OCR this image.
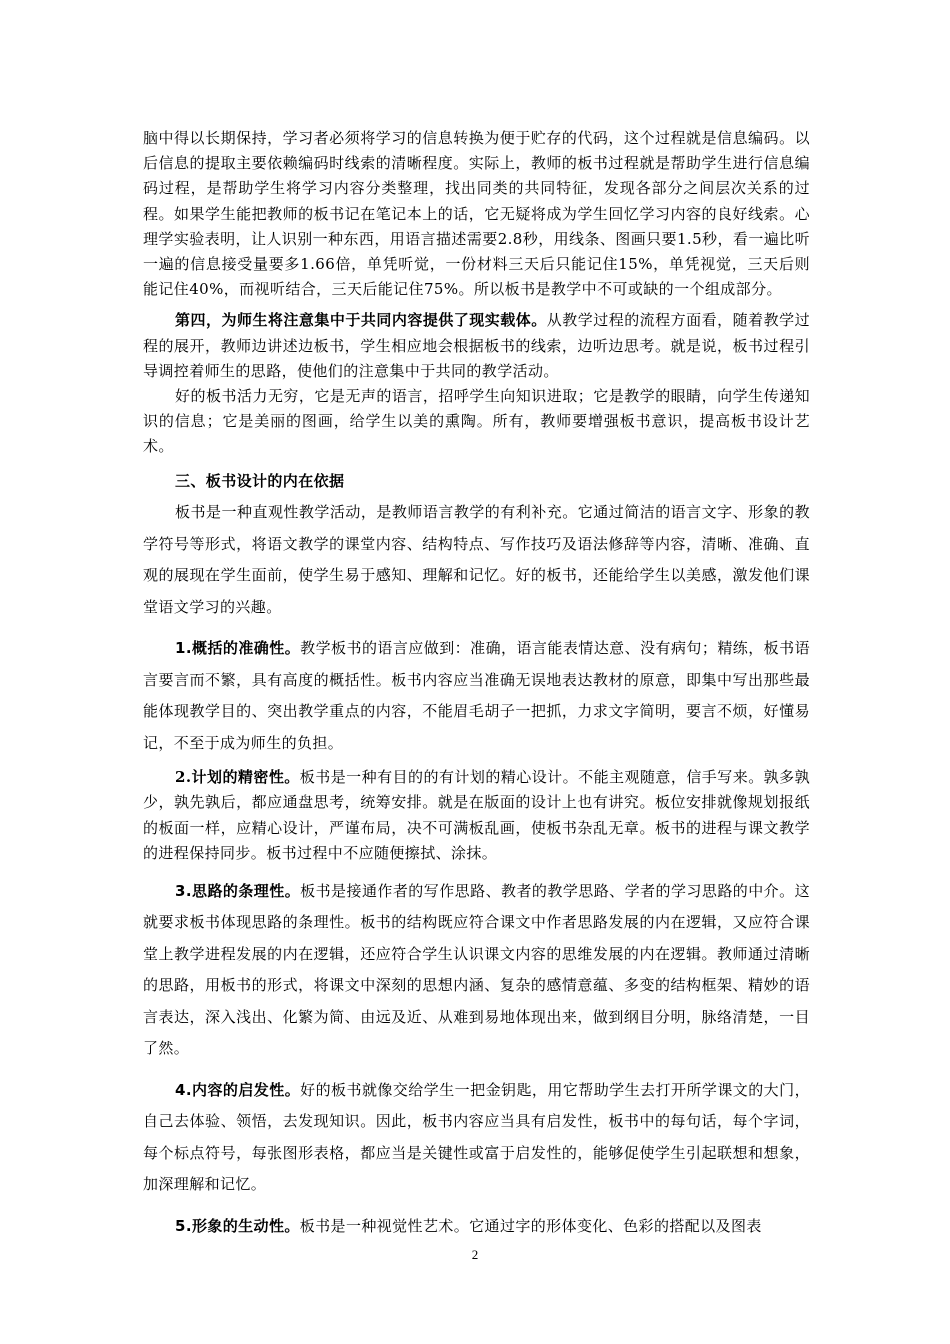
脑中得以长期保持，学习者必须将学习的信息转换为便于贮存的代码，这个过程就是信息编码。以后信息的提取主要依赖编码时线索的清晰程度。实际上，教师的板书过程就是帮助学生进行信息编码过程，是帮助学生将学习内容分类整理，找出同类的共同特征，发现各部分之间层次关系的过程。如果学生能把教师的板书记在笔记本上的话，它无疑将成为学生回忆学习内容的良好线索。心理学实验表明，让人识别一种东西，用语言描述需要2.8秒，用线条、图画只要1.5秒，看一遍比听一遍的信息接受量要多1.66倍，单凭听觉，一份材料三天后只能记住15%，单凭视觉，三天后则能记住40%，而视听结合，三天后能记住75%。所以板书是教学中不可或缺的一个组成部分。

第四，为师生将注意集中于共同内容提供了现实载体。从教学过程的流程方面看，随着教学过程的展开，教师边讲述边板书，学生相应地会根据板书的线索，边听边思考。就是说，板书过程引导调控着师生的思路，使他们的注意集中于共同的教学活动。

好的板书活力无穷，它是无声的语言，招呼学生向知识进取；它是教学的眼睛，向学生传递知识的信息；它是美丽的图画，给学生以美的熏陶。所有，教师要增强板书意识，提高板书设计艺术。

三、板书设计的内在依据

板书是一种直观性教学活动，是教师语言教学的有利补充。它通过简洁的语言文字、形象的教学符号等形式，将语文教学的课堂内容、结构特点、写作技巧及语法修辞等内容，清晰、准确、直观的展现在学生面前，使学生易于感知、理解和记忆。好的板书，还能给学生以美感，激发他们课堂语文学习的兴趣。

1.概括的准确性。教学板书的语言应做到：准确，语言能表情达意、没有病句；精练，板书语言要言而不繁，具有高度的概括性。板书内容应当准确无误地表达教材的原意，即集中写出那些最能体现教学目的、突出教学重点的内容，不能眉毛胡子一把抓，力求文字简明，要言不烦，好懂易记，不至于成为师生的负担。

2.计划的精密性。板书是一种有目的的有计划的精心设计。不能主观随意，信手写来。孰多孰少，孰先孰后，都应通盘思考，统筹安排。就是在版面的设计上也有讲究。板位安排就像规划报纸的板面一样，应精心设计，严谨布局，决不可满板乱画，使板书杂乱无章。板书的进程与课文教学的进程保持同步。板书过程中不应随便擦拭、涂抹。

3.思路的条理性。板书是接通作者的写作思路、教者的教学思路、学者的学习思路的中介。这就要求板书体现思路的条理性。板书的结构既应符合课文中作者思路发展的内在逻辑，又应符合课堂上教学进程发展的内在逻辑，还应符合学生认识课文内容的思维发展的内在逻辑。教师通过清晰的思路，用板书的形式，将课文中深刻的思想内涵、复杂的感情意蕴、多变的结构框架、精妙的语言表达，深入浅出、化繁为简、由远及近、从难到易地体现出来，做到纲目分明，脉络清楚，一目了然。

4.内容的启发性。好的板书就像交给学生一把金钥匙，用它帮助学生去打开所学课文的大门，自己去体验、领悟，去发现知识。因此，板书内容应当具有启发性，板书中的每句话，每个字词，每个标点符号，每张图形表格，都应当是关键性或富于启发性的，能够促使学生引起联想和想象，加深理解和记忆。

5.形象的生动性。板书是一种视觉性艺术。它通过字的形体变化、色彩的搭配以及图表

2
